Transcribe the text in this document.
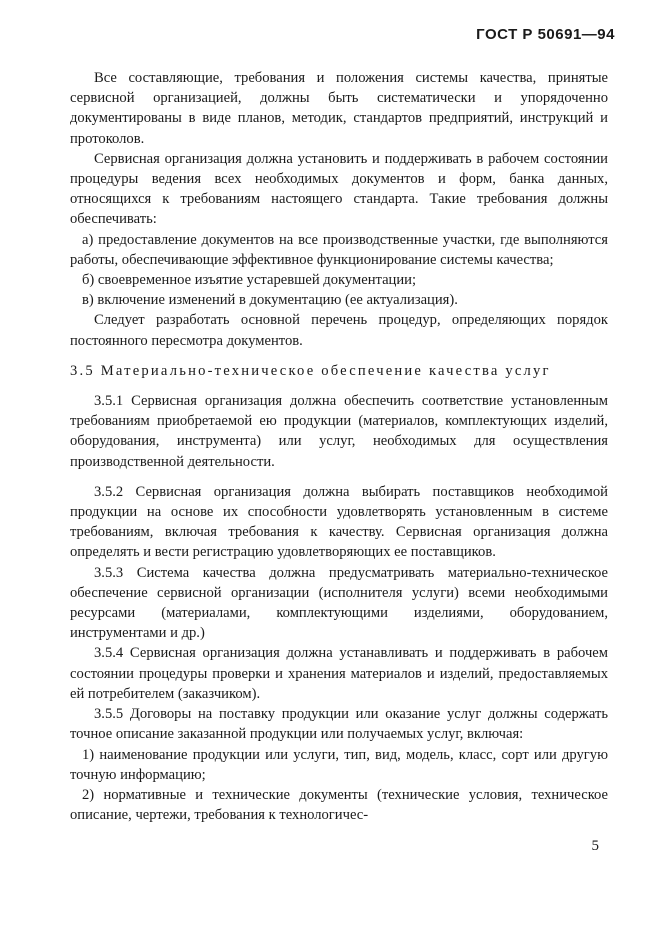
ГОСТ Р 50691—94

Все составляющие, требования и положения системы качества, принятые сервисной организацией, должны быть систематически и упорядоченно документированы в виде планов, методик, стандартов предприятий, инструкций и протоколов.

Сервисная организация должна установить и поддерживать в рабочем состоянии процедуры ведения всех необходимых документов и форм, банка данных, относящихся к требованиям настоящего стандарта. Такие требования должны обеспечивать:

а) предоставление документов на все производственные участки, где выполняются работы, обеспечивающие эффективное функционирование системы качества;

б) своевременное изъятие устаревшей документации;

в) включение изменений в документацию (ее актуализация).

Следует разработать основной перечень процедур, определяющих порядок постоянного пересмотра документов.

3.5 Материально-техническое обеспечение качества услуг

3.5.1 Сервисная организация должна обеспечить соответствие установленным требованиям приобретаемой ею продукции (материалов, комплектующих изделий, оборудования, инструмента) или услуг, необходимых для осуществления производственной деятельности.

3.5.2 Сервисная организация должна выбирать поставщиков необходимой продукции на основе их способности удовлетворять установленным в системе требованиям, включая требования к качеству. Сервисная организация должна определять и вести регистрацию удовлетворяющих ее поставщиков.

3.5.3 Система качества должна предусматривать материально-техническое обеспечение сервисной организации (исполнителя услуги) всеми необходимыми ресурсами (материалами, комплектующими изделиями, оборудованием, инструментами и др.)

3.5.4 Сервисная организация должна устанавливать и поддерживать в рабочем состоянии процедуры проверки и хранения материалов и изделий, предоставляемых ей потребителем (заказчиком).

3.5.5 Договоры на поставку продукции или оказание услуг должны содержать точное описание заказанной продукции или получаемых услуг, включая:

1) наименование продукции или услуги, тип, вид, модель, класс, сорт или другую точную информацию;

2) нормативные и технические документы (технические условия, техническое описание, чертежи, требования к технологичес-

5
